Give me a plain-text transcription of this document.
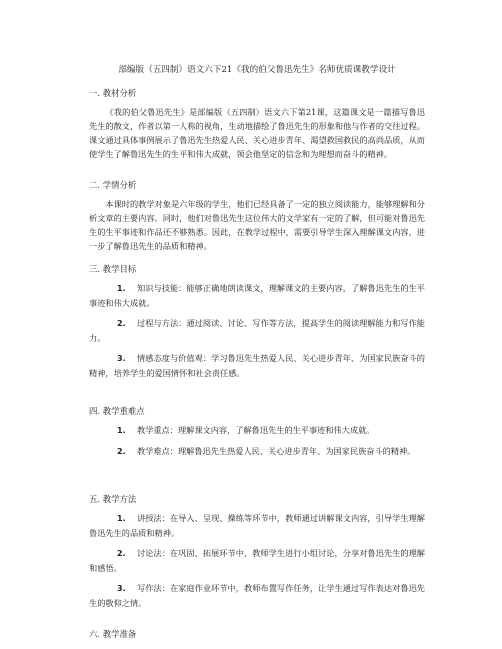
部编版（五四制）语文六下21《我的伯父鲁迅先生》名师优质课教学设计

一. 教材分析

《我的伯父鲁迅先生》是部编版（五四制）语文六下第21课，这篇课文是一篇描写鲁迅先生的散文，作者以第一人称的视角，生动地描绘了鲁迅先生的形象和他与作者的交往过程。课文通过具体事例展示了鲁迅先生热爱人民、关心进步青年、渴望救国救民的高尚品质，从而使学生了解鲁迅先生的生平和伟大成就，领会他坚定的信念和为理想而奋斗的精神。

二. 学情分析

本课时的教学对象是六年级的学生，他们已经具备了一定的独立阅读能力，能够理解和分析文章的主要内容。同时，他们对鲁迅先生这位伟大的文学家有一定的了解，但可能对鲁迅先生的生平事迹和作品还不够熟悉。因此，在教学过程中，需要引导学生深入理解课文内容，进一步了解鲁迅先生的品质和精神。

三. 教学目标

1. 知识与技能：能够正确地朗读课文，理解课文的主要内容，了解鲁迅先生的生平事迹和伟大成就。

2. 过程与方法：通过阅读、讨论、写作等方法，提高学生的阅读理解能力和写作能力。

3. 情感态度与价值观：学习鲁迅先生热爱人民、关心进步青年、为国家民族奋斗的精神，培养学生的爱国情怀和社会责任感。

四. 教学重难点

1. 教学重点：理解课文内容，了解鲁迅先生的生平事迹和伟大成就。

2. 教学难点：理解鲁迅先生热爱人民、关心进步青年、为国家民族奋斗的精神。

五. 教学方法

1. 讲授法：在导入、呈现、操练等环节中，教师通过讲解课文内容，引导学生理解鲁迅先生的品质和精神。

2. 讨论法：在巩固、拓展环节中，教师学生进行小组讨论，分享对鲁迅先生的理解和感悟。

3. 写作法：在家庭作业环节中，教师布置写作任务，让学生通过写作表达对鲁迅先生的敬仰之情。

六. 教学准备
